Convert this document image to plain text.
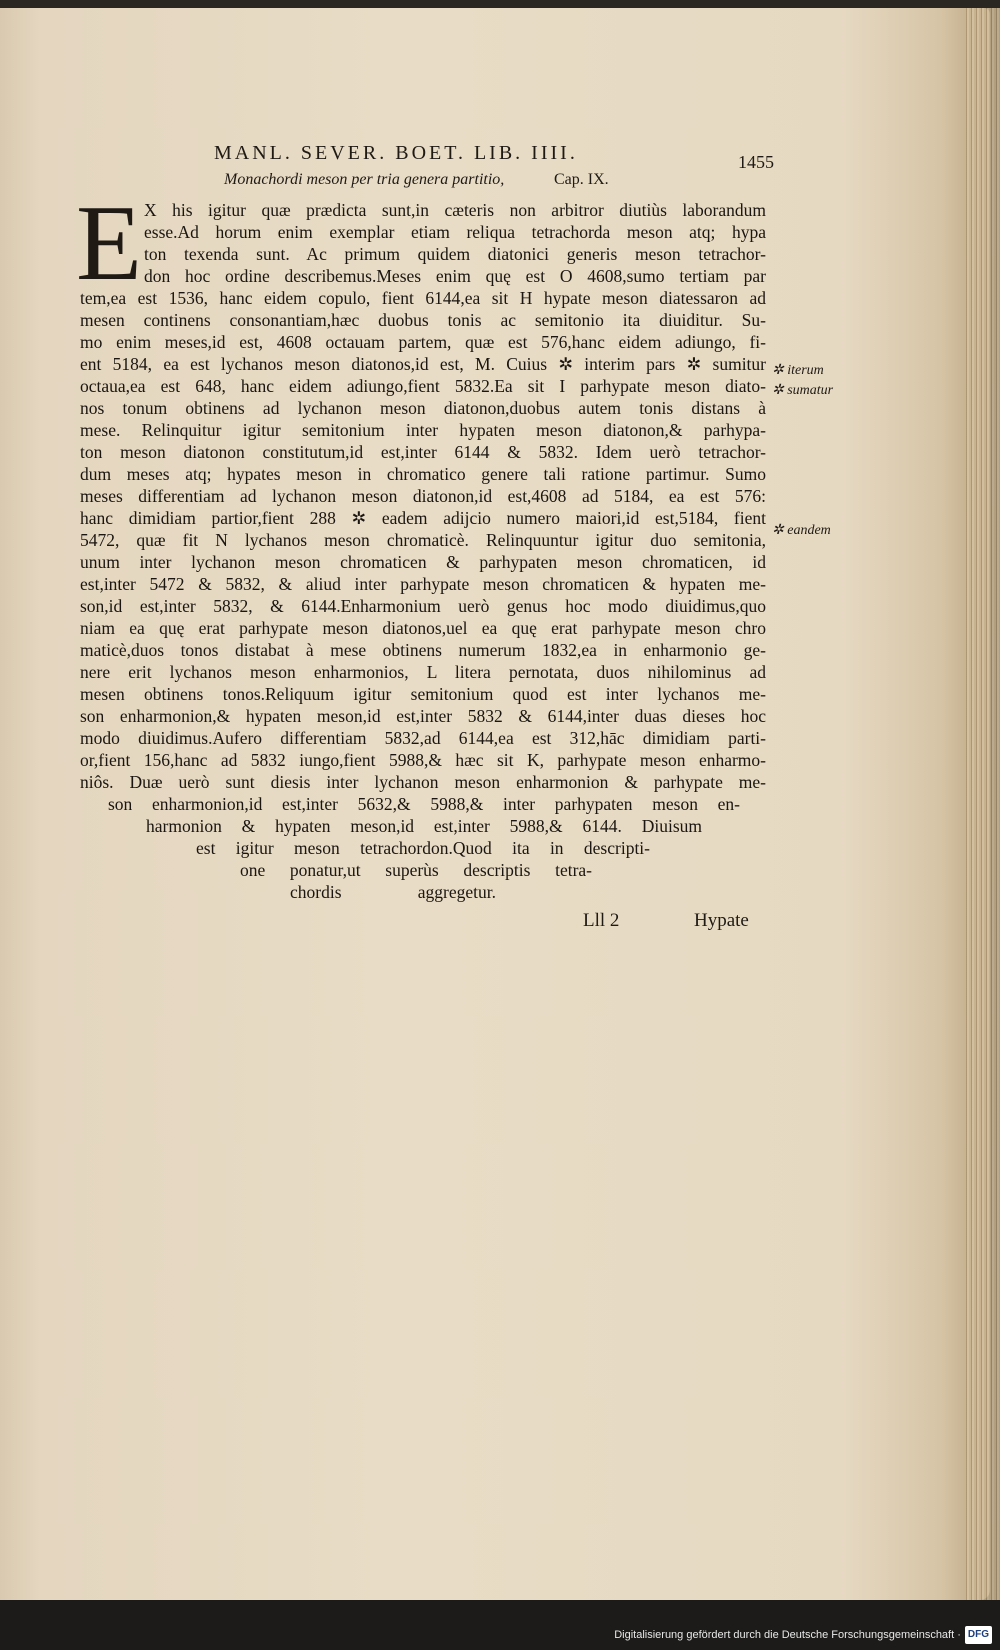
MANL. SEVER. BOET. LIB. IIII.	1455
Monachordi meson per tria genera partitio,	Cap. IX.
E X his igitur quæ prædicta sunt,in cæteris non arbitror diutiùs laborandum
esse.Ad horum enim exemplar etiam reliqua tetrachorda meson atq; hypa
ton texenda sunt. Ac primum quidem diatonici generis meson tetrachor-
don hoc ordine describemus.Meses enim quę est O 4608,sumo tertiam par
tem,ea est 1536, hanc eidem copulo, fient 6144,ea sit H hypate meson diatessaron ad
mesen continens consonantiam,hæc duobus tonis ac semitonio ita diuiditur. Su-
mo enim meses,id est, 4608 octauam partem, quæ est 576,hanc eidem adiungo, fi-
ent 5184, ea est lychanos meson diatonos,id est, M. Cuius ✲ interim pars ✲ sumitur
octaua,ea est 648, hanc eidem adiungo,fient 5832.Ea sit I parhypate meson diato-
nos tonum obtinens ad lychanon meson diatonon,duobus autem tonis distans à
mese. Relinquitur igitur semitonium inter hypaten meson diatonon,& parhypa-
ton meson diatonon constitutum,id est,inter 6144 & 5832. Idem uerò tetrachor-
dum meses atq; hypates meson in chromatico genere tali ratione partimur. Sumo
meses differentiam ad lychanon meson diatonon,id est,4608 ad 5184, ea est 576:
hanc dimidiam partior,fient 288 ✲ eadem adijcio numero maiori,id est,5184, fient
5472, quæ fit N lychanos meson chromaticè. Relinquuntur igitur duo semitonia,
unum inter lychanon meson chromaticen & parhypaten meson chromaticen, id
est,inter 5472 & 5832, & aliud inter parhypate meson chromaticen & hypaten me-
son,id est,inter 5832, & 6144.Enharmonium uerò genus hoc modo diuidimus,quo
niam ea quę erat parhypate meson diatonos,uel ea quę erat parhypate meson chro
maticè,duos tonos distabat à mese obtinens numerum 1832,ea in enharmonio ge-
nere erit lychanos meson enharmonios, L litera pernotata, duos nihilominus ad
mesen obtinens tonos.Reliquum igitur semitonium quod est inter lychanos me-
son enharmonion,& hypaten meson,id est,inter 5832 & 6144,inter duas dieses hoc
modo diuidimus.Aufero differentiam 5832,ad 6144,ea est 312,hāc dimidiam parti-
or,fient 156,hanc ad 5832 iungo,fient 5988,& hæc sit K, parhypate meson enharmo-
niôs. Duæ uerò sunt diesis inter lychanon meson enharmonion & parhypate me-
son enharmonion,id est,inter 5632,& 5988,& inter parhypaten meson en-
harmonion & hypaten meson,id est,inter 5988,& 6144. Diuisum
est igitur meson tetrachordon.Quod ita in descripti-
one ponatur,ut superùs descriptis tetra-
chordis aggregetur.
✲ iterum
✲ sumatur
✲ eandem
Lll 2	Hypate
Digitalisierung gefördert durch die Deutsche Forschungsgemeinschaft · DFG
